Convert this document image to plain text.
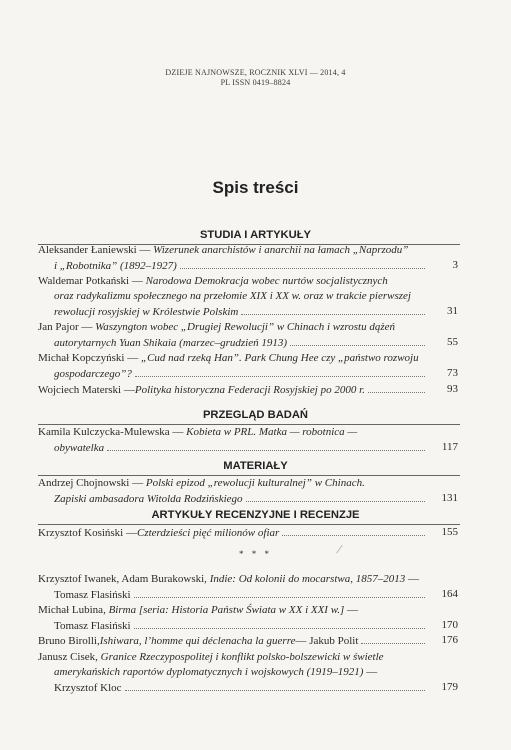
DZIEJE NAJNOWSZE, ROCZNIK XLVI — 2014, 4
PL ISSN 0419–8824
Spis treści
STUDIA I ARTYKUŁY
Aleksander Łaniewski — Wizerunek anarchistów i anarchii na łamach „Naprzodu”
i „Robotnika” (1892–1927)	3
Waldemar Potkański — Narodowa Demokracja wobec nurtów socjalistycznych
oraz radykalizmu społecznego na przełomie XIX i XX w. oraz w trakcie pierwszej
rewolucji rosyjskiej w Królestwie Polskim	31
Jan Pajor — Waszyngton wobec „Drugiej Rewolucji” w Chinach i wzrostu dążeń
autorytarnych Yuan Shikaia (marzec–grudzień 1913)	55
Michał Kopczyński — „Cud nad rzeką Han”. Park Chung Hee czy „państwo rozwoju
gospodarczego”?	73
Wojciech Materski — Polityka historyczna Federacji Rosyjskiej po 2000 r.	93
PRZEGLĄD BADAŃ
Kamila Kulczycka-Mulewska — Kobieta w PRL. Matka — robotnica —
obywatelka	117
MATERIAŁY
Andrzej Chojnowski — Polski epizod „rewolucji kulturalnej” w Chinach.
Zapiski ambasadora Witolda Rodzińskiego	131
ARTYKUŁY RECENZYJNE I RECENZJE
Krzysztof Kosiński — Czterdzieści pięć milionów ofiar	155
* * *
Krzysztof Iwanek, Adam Burakowski, Indie: Od kolonii do mocarstwa, 1857–2013 —
Tomasz Flasiński	164
Michał Lubina, Birma [seria: Historia Państw Świata w XX i XXI w.] —
Tomasz Flasiński	170
Bruno Birolli, Ishiwara, l’homme qui déclenacha la guerre — Jakub Polit	176
Janusz Cisek, Granice Rzeczypospolitej i konflikt polsko-bolszewicki w świetle
amerykańskich raportów dyplomatycznych i wojskowych (1919–1921) —
Krzysztof Kloc	179
